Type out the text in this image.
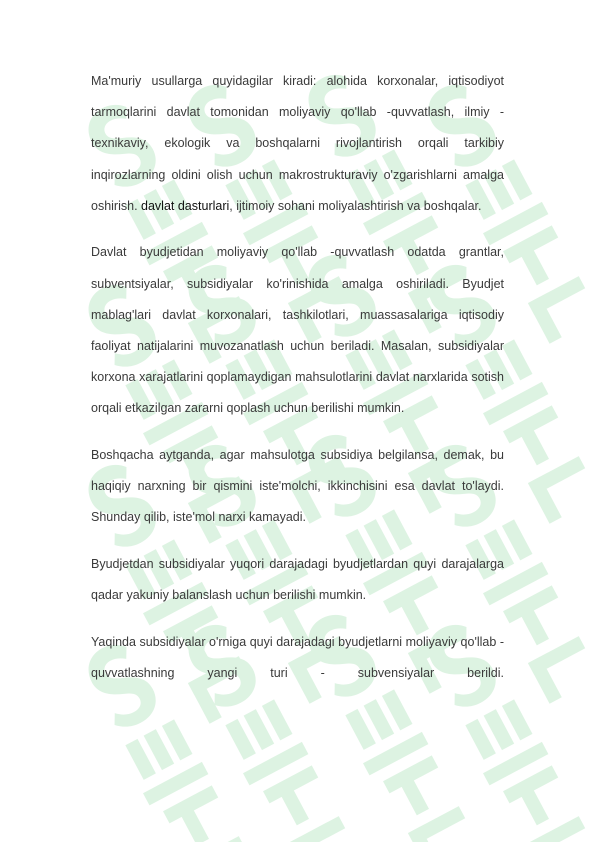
Ma'muriy usullarga quyidagilar kiradi: alohida korxonalar, iqtisodiyot tarmoqlarini davlat tomonidan moliyaviy qo'llab -quvvatlash, ilmiy -texnikaviy, ekologik va boshqalarni rivojlantirish orqali tarkibiy inqirozlarning oldini olish uchun makrostrukturaviy o'zgarishlarni amalga oshirish. davlat dasturlari, ijtimoiy sohani moliyalashtirish va boshqalar.

Davlat byudjetidan moliyaviy qo'llab -quvvatlash odatda grantlar, subventsiyalar, subsidiyalar ko'rinishida amalga oshiriladi. Byudjet mablag'lari davlat korxonalari, tashkilotlari, muassasalariga iqtisodiy faoliyat natijalarini muvozanatlash uchun beriladi. Masalan, subsidiyalar korxona xarajatlarini qoplamaydigan mahsulotlarini davlat narxlarida sotish orqali etkazilgan zararni qoplash uchun berilishi mumkin.

Boshqacha aytganda, agar mahsulotga subsidiya belgilansa, demak, bu haqiqiy narxning bir qismini iste'molchi, ikkinchisini esa davlat to'laydi. Shunday qilib, iste'mol narxi kamayadi.

Byudjetdan subsidiyalar yuqori darajadagi byudjetlardan quyi darajalarga qadar yakuniy balanslash uchun berilishi mumkin.

Yaqinda subsidiyalar o'rniga quyi darajadagi byudjetlarni moliyaviy qo'llab -quvvatlashning yangi turi - subvensiyalar berildi.
